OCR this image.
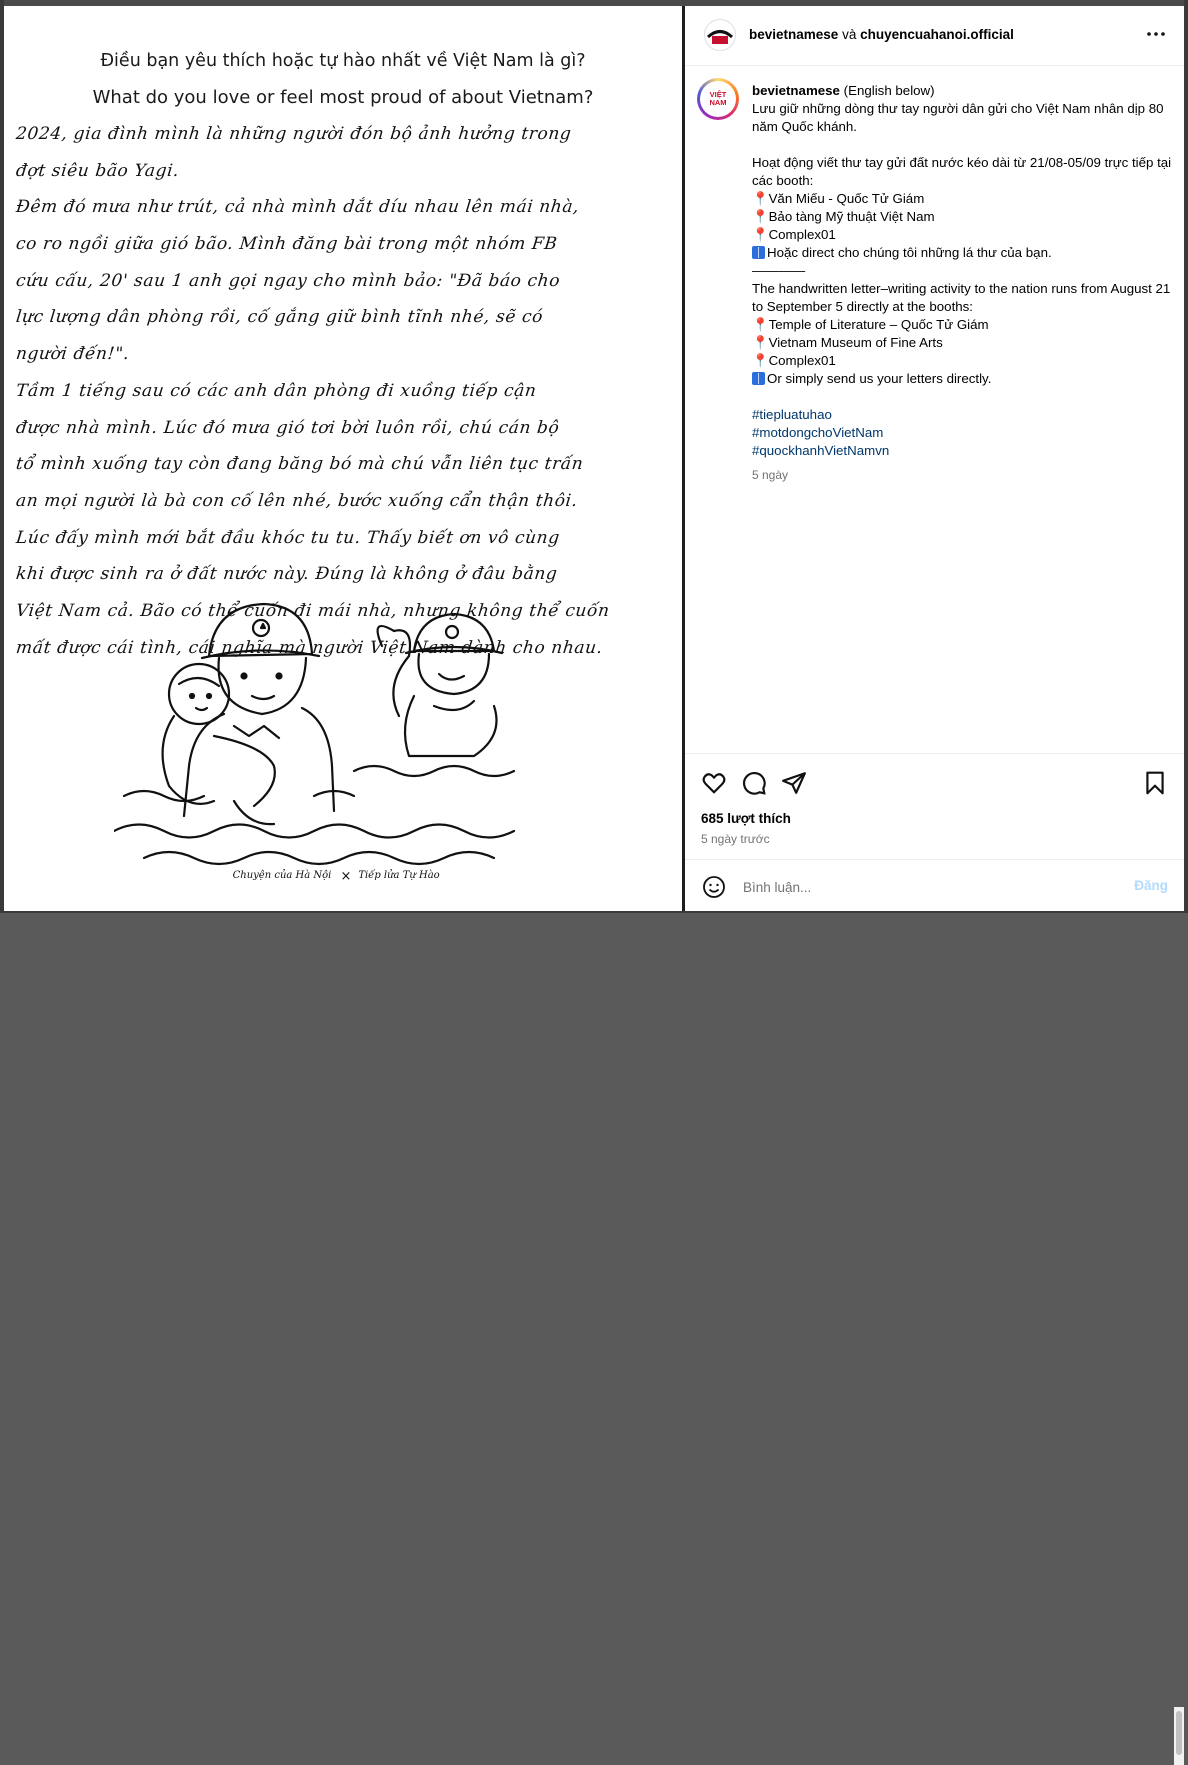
Điều bạn yêu thích hoặc tự hào nhất về Việt Nam là gì?
What do you love or feel most proud of about Vietnam?
2024, gia đình mình là những người đón bộ ảnh hưởng trong
đợt siêu bão Yagi.
Đêm đó mưa như trút, cả nhà mình dắt díu nhau lên mái nhà,
co ro ngồi giữa gió bão. Mình đăng bài trong một nhóm FB
cứu cấu, 20' sau 1 anh gọi ngay cho mình bảo: "Đã báo cho
lực lượng dân phòng rồi, cố gắng giữ bình tĩnh nhé, sẽ có
người đến!".
Tầm 1 tiếng sau có các anh dân phòng đi xuồng tiếp cận
được nhà mình. Lúc đó mưa gió tơi bời luôn rồi, chú cán bộ
tổ mình xuống tay còn đang băng bó mà chú vẫn liên tục trấn
an mọi người là bà con cố lên nhé, bước xuống cẩn thận thôi.
Lúc đấy mình mới bắt đầu khóc tu tu. Thấy biết ơn vô cùng
khi được sinh ra ở đất nước này. Đúng là không ở đâu bằng
Việt Nam cả. Bão có thể cuốn đi mái nhà, nhưng không thể cuốn
mất được cái tình, cái nghĩa mà người Việt Nam dành cho nhau.
Chuyện của Hà Nội × Tiếp lửa Tự Hào
bevietnamese và chuyencuahanoi.official
VIỆT NAM
bevietnamese (English below)
Lưu giữ những dòng thư tay người dân gửi cho Việt Nam nhân dịp 80 năm Quốc khánh.
Hoạt động viết thư tay gửi đất nước kéo dài từ 21/08-05/09 trực tiếp tại các booth:
📍Văn Miếu - Quốc Tử Giám
📍Bảo tàng Mỹ thuật Việt Nam
📍Complex01
Hoặc direct cho chúng tôi những lá thư của bạn.
————
The handwritten letter–writing activity to the nation runs from August 21 to September 5 directly at the booths:
📍Temple of Literature – Quốc Tử Giám
📍Vietnam Museum of Fine Arts
📍Complex01
Or simply send us your letters directly.
#tiepluatuhao
#motdongchoVietNam
#quockhanhVietNamvn
5 ngày
685 lượt thích
5 ngày trước
Bình luận...
Đăng
